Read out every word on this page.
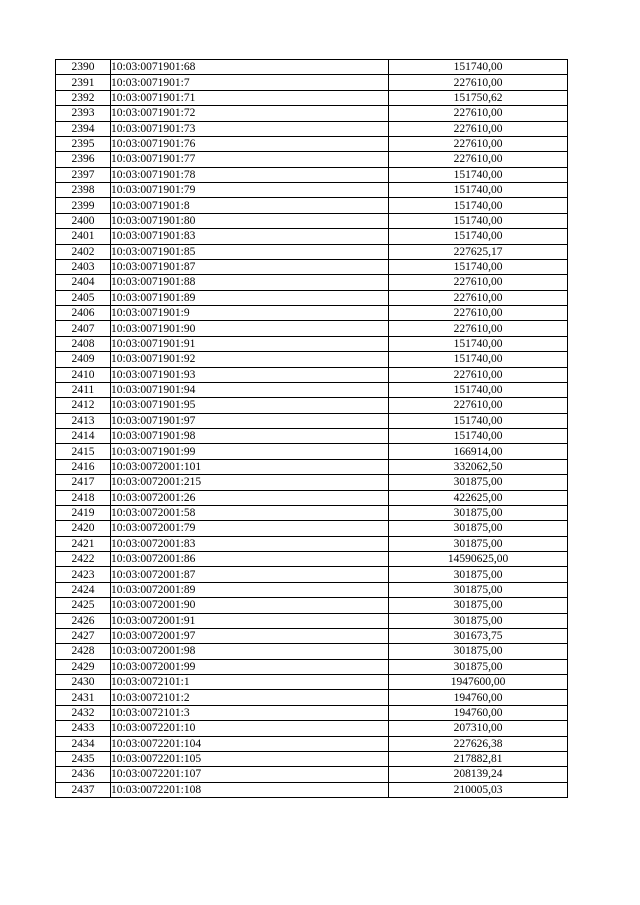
2390	10:03:0071901:68	151740,00
2391	10:03:0071901:7	227610,00
2392	10:03:0071901:71	151750,62
2393	10:03:0071901:72	227610,00
2394	10:03:0071901:73	227610,00
2395	10:03:0071901:76	227610,00
2396	10:03:0071901:77	227610,00
2397	10:03:0071901:78	151740,00
2398	10:03:0071901:79	151740,00
2399	10:03:0071901:8	151740,00
2400	10:03:0071901:80	151740,00
2401	10:03:0071901:83	151740,00
2402	10:03:0071901:85	227625,17
2403	10:03:0071901:87	151740,00
2404	10:03:0071901:88	227610,00
2405	10:03:0071901:89	227610,00
2406	10:03:0071901:9	227610,00
2407	10:03:0071901:90	227610,00
2408	10:03:0071901:91	151740,00
2409	10:03:0071901:92	151740,00
2410	10:03:0071901:93	227610,00
2411	10:03:0071901:94	151740,00
2412	10:03:0071901:95	227610,00
2413	10:03:0071901:97	151740,00
2414	10:03:0071901:98	151740,00
2415	10:03:0071901:99	166914,00
2416	10:03:0072001:101	332062,50
2417	10:03:0072001:215	301875,00
2418	10:03:0072001:26	422625,00
2419	10:03:0072001:58	301875,00
2420	10:03:0072001:79	301875,00
2421	10:03:0072001:83	301875,00
2422	10:03:0072001:86	14590625,00
2423	10:03:0072001:87	301875,00
2424	10:03:0072001:89	301875,00
2425	10:03:0072001:90	301875,00
2426	10:03:0072001:91	301875,00
2427	10:03:0072001:97	301673,75
2428	10:03:0072001:98	301875,00
2429	10:03:0072001:99	301875,00
2430	10:03:0072101:1	1947600,00
2431	10:03:0072101:2	194760,00
2432	10:03:0072101:3	194760,00
2433	10:03:0072201:10	207310,00
2434	10:03:0072201:104	227626,38
2435	10:03:0072201:105	217882,81
2436	10:03:0072201:107	208139,24
2437	10:03:0072201:108	210005,03
